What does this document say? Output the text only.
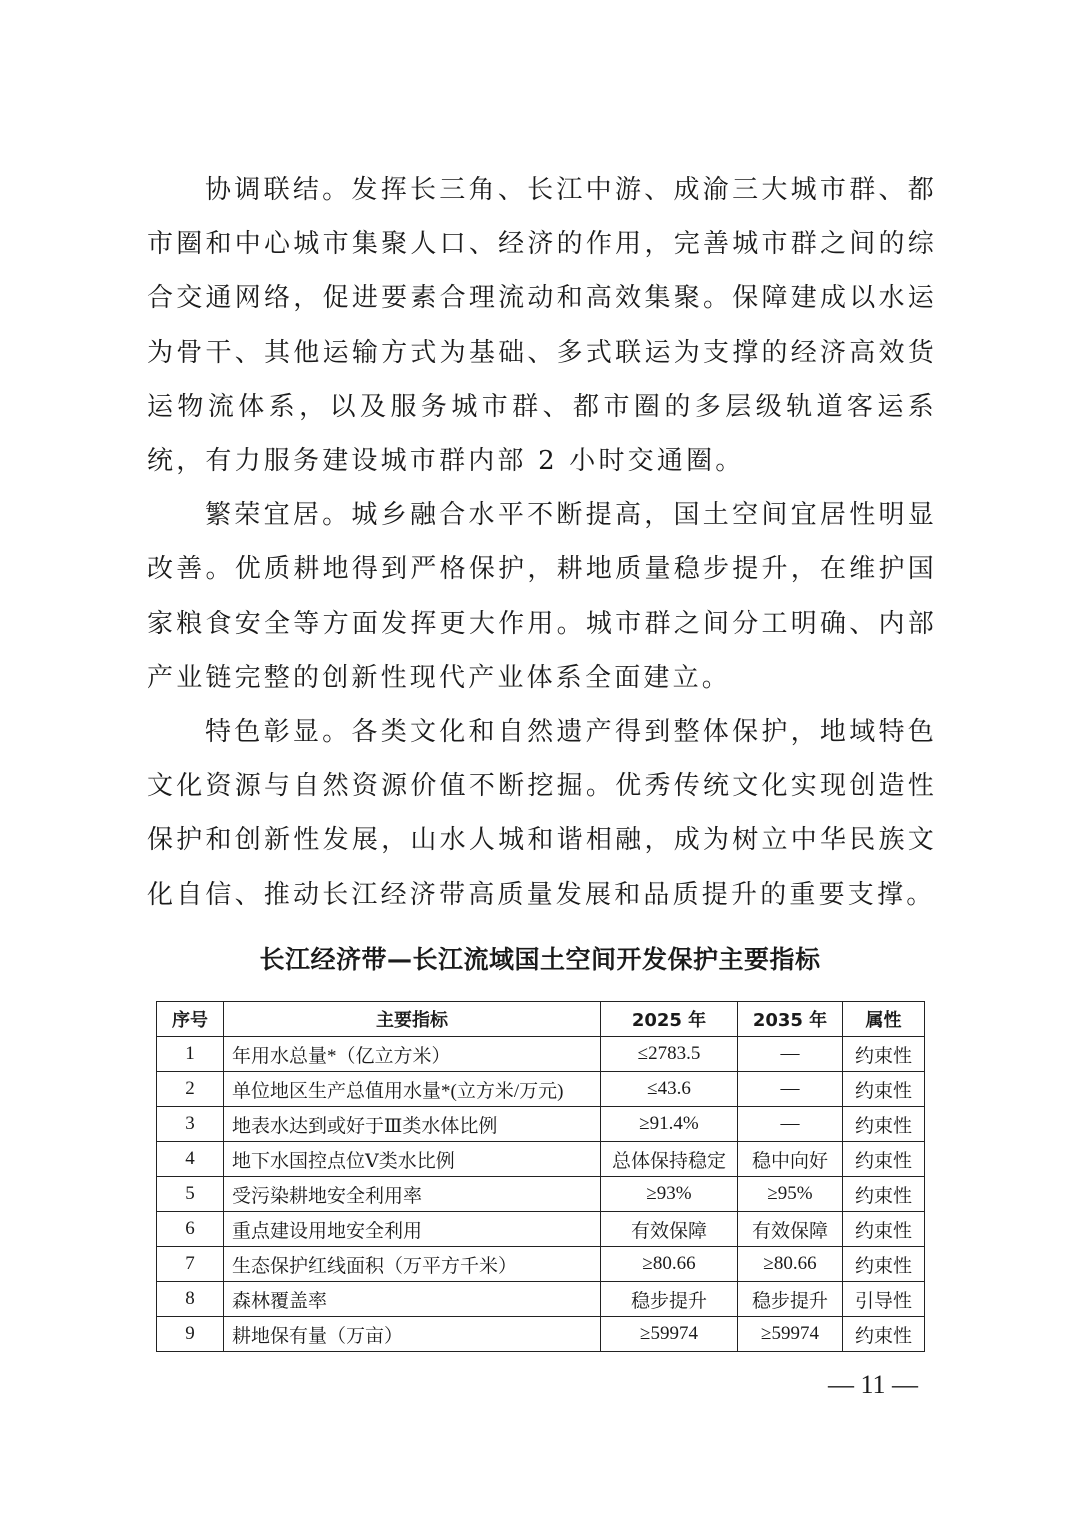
协调联结。发挥长三角、长江中游、成渝三大城市群、都市圈和中心城市集聚人口、经济的作用，完善城市群之间的综合交通网络，促进要素合理流动和高效集聚。保障建成以水运为骨干、其他运输方式为基础、多式联运为支撑的经济高效货运物流体系，以及服务城市群、都市圈的多层级轨道客运系统，有力服务建设城市群内部 2 小时交通圈。

繁荣宜居。城乡融合水平不断提高，国土空间宜居性明显改善。优质耕地得到严格保护，耕地质量稳步提升，在维护国家粮食安全等方面发挥更大作用。城市群之间分工明确、内部产业链完整的创新性现代产业体系全面建立。

特色彰显。各类文化和自然遗产得到整体保护，地域特色文化资源与自然资源价值不断挖掘。优秀传统文化实现创造性保护和创新性发展，山水人城和谐相融，成为树立中华民族文化自信、推动长江经济带高质量发展和品质提升的重要支撑。

长江经济带—长江流域国土空间开发保护主要指标
序号	主要指标	2025 年	2035 年	属性
1	年用水总量*（亿立方米）	≤2783.5	—	约束性
2	单位地区生产总值用水量*(立方米/万元)	≤43.6	—	约束性
3	地表水达到或好于Ⅲ类水体比例	≥91.4%	—	约束性
4	地下水国控点位Ⅴ类水比例	总体保持稳定	稳中向好	约束性
5	受污染耕地安全利用率	≥93%	≥95%	约束性
6	重点建设用地安全利用	有效保障	有效保障	约束性
7	生态保护红线面积（万平方千米）	≥80.66	≥80.66	约束性
8	森林覆盖率	稳步提升	稳步提升	引导性
9	耕地保有量（万亩）	≥59974	≥59974	约束性
— 11 —
